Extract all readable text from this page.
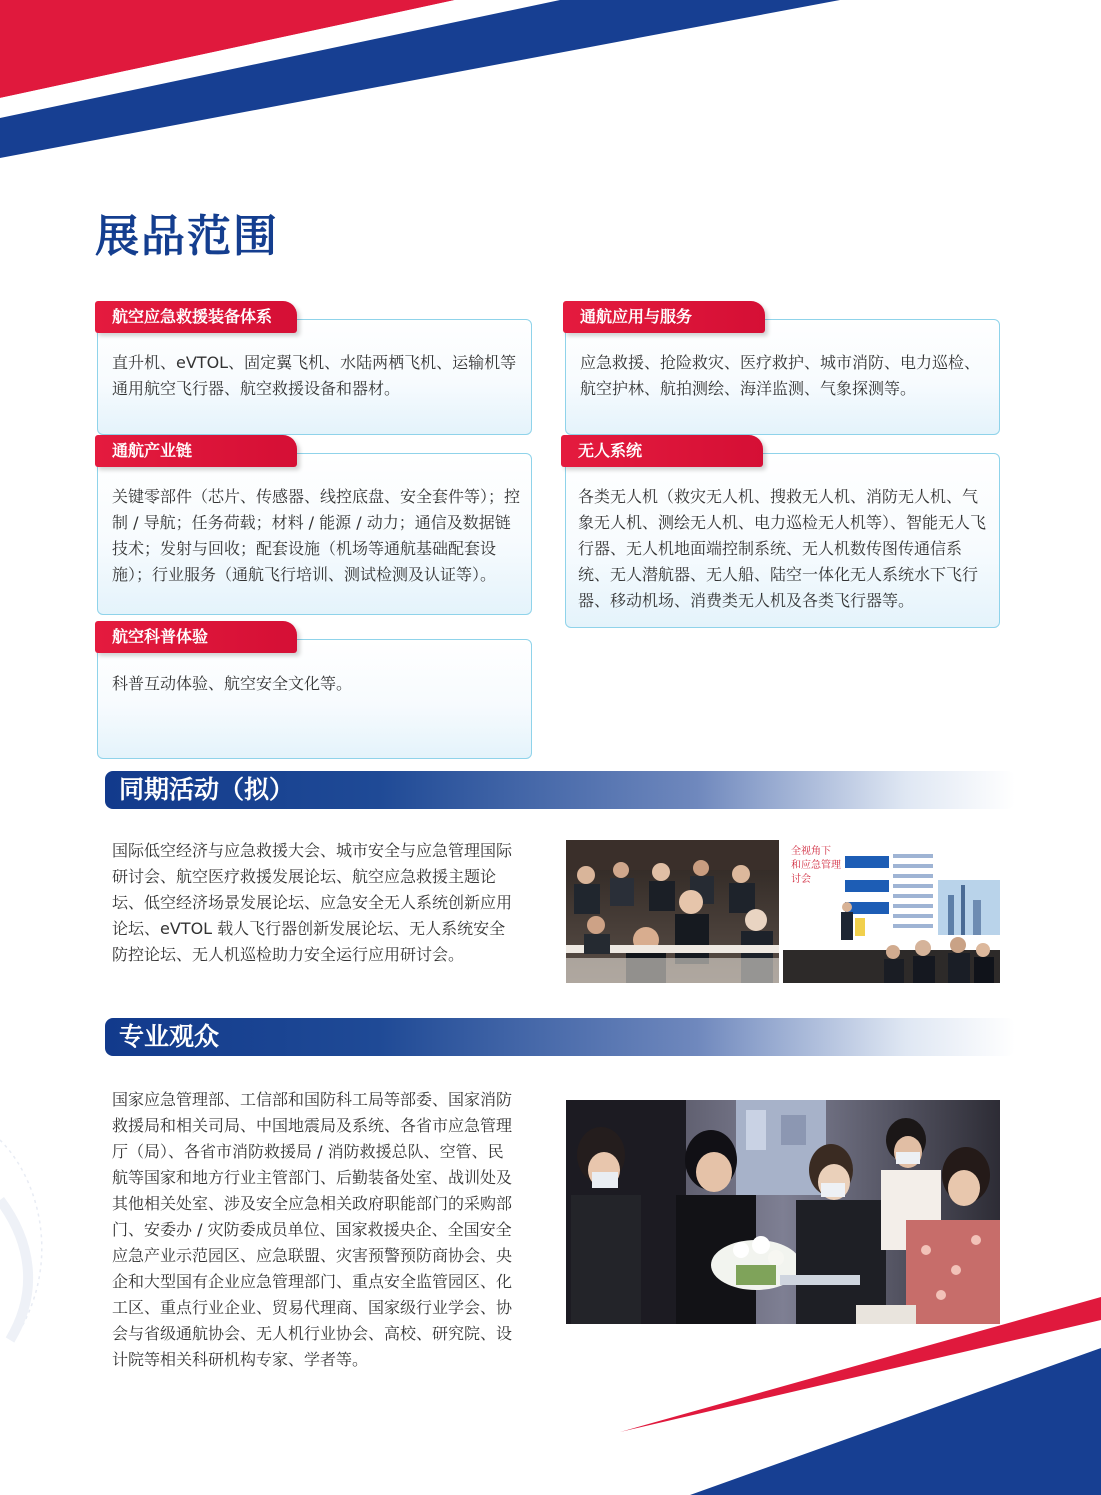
展品范围
航空应急救援装备体系
直升机、eVTOL、固定翼飞机、水陆两栖飞机、运输机等通用航空飞行器、航空救援设备和器材。
通航应用与服务
应急救援、抢险救灾、医疗救护、城市消防、电力巡检、航空护林、航拍测绘、海洋监测、气象探测等。
通航产业链
关键零部件（芯片、传感器、线控底盘、安全套件等）；控制 / 导航；任务荷载；材料 / 能源 / 动力；通信及数据链技术；发射与回收；配套设施（机场等通航基础配套设施）；行业服务（通航飞行培训、测试检测及认证等）。
无人系统
各类无人机（救灾无人机、搜救无人机、消防无人机、气象无人机、测绘无人机、电力巡检无人机等）、智能无人飞行器、无人机地面端控制系统、无人机数传图传通信系统、无人潜航器、无人船、陆空一体化无人系统水下飞行器、移动机场、消费类无人机及各类飞行器等。
航空科普体验
科普互动体验、航空安全文化等。
同期活动（拟）
国际低空经济与应急救援大会、城市安全与应急管理国际研讨会、航空医疗救援发展论坛、航空应急救援主题论坛、低空经济场景发展论坛、应急安全无人系统创新应用论坛、eVTOL 载人飞行器创新发展论坛、无人系统安全防控论坛、无人机巡检助力安全运行应用研讨会。
全视角下
和应急管理
讨会
专业观众
国家应急管理部、工信部和国防科工局等部委、国家消防救援局和相关司局、中国地震局及系统、各省市应急管理厅（局）、各省市消防救援局 / 消防救援总队、空管、民航等国家和地方行业主管部门、后勤装备处室、战训处及其他相关处室、涉及安全应急相关政府职能部门的采购部门、安委办 / 灾防委成员单位、国家救援央企、全国安全应急产业示范园区、应急联盟、灾害预警预防商协会、央企和大型国有企业应急管理部门、重点安全监管园区、化工区、重点行业企业、贸易代理商、国家级行业学会、协会与省级通航协会、无人机行业协会、高校、研究院、设计院等相关科研机构专家、学者等。
